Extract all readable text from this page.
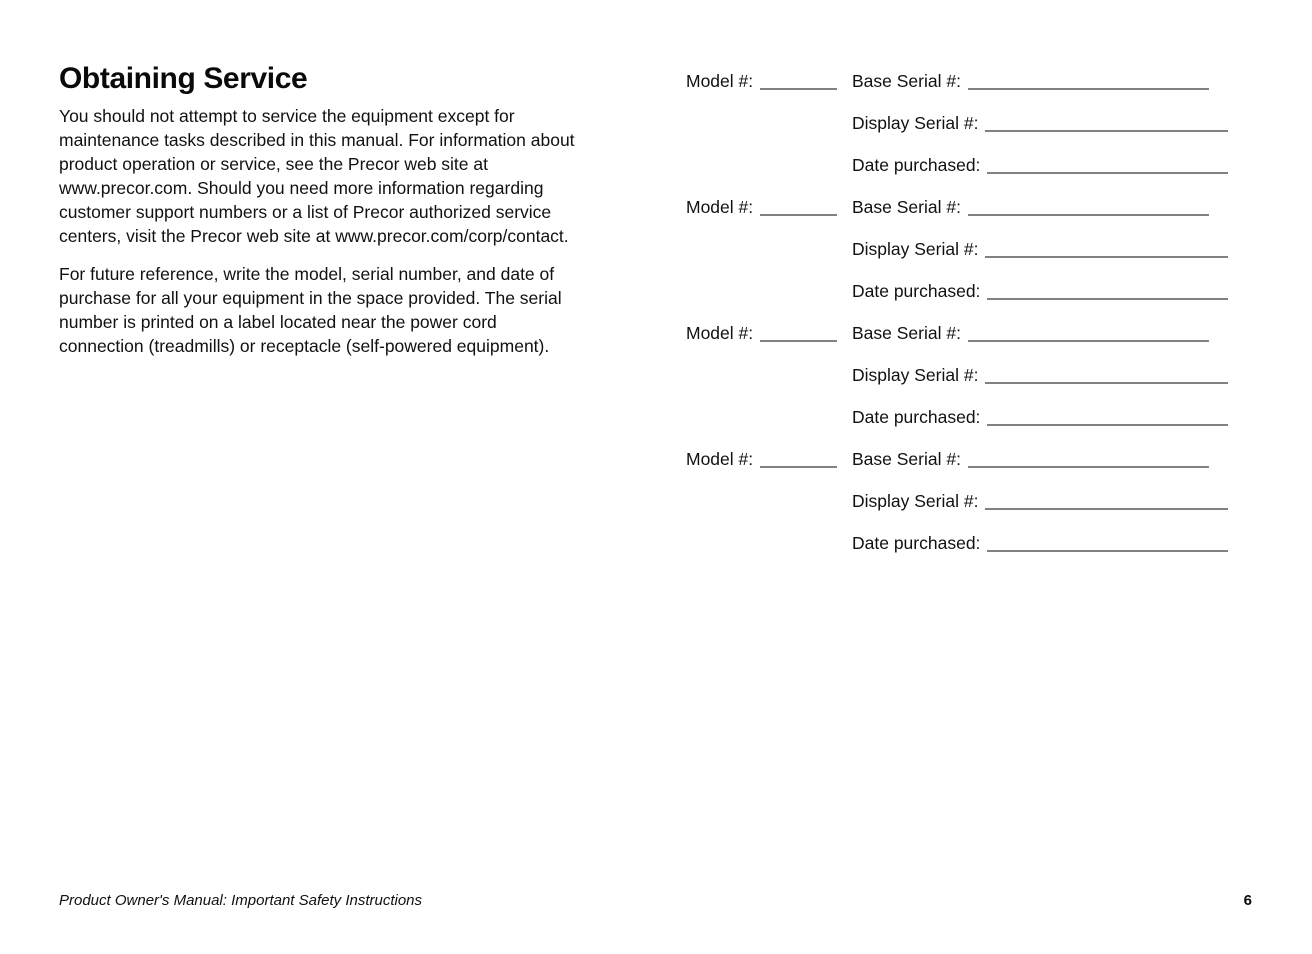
Obtaining Service
You should not attempt to service the equipment except for
maintenance tasks described in this manual. For information about
product operation or service, see the Precor web site at
www.precor.com. Should you need more information regarding
customer support numbers or a list of Precor authorized service
centers, visit the Precor web site at www.precor.com/corp/contact.
For future reference, write the model, serial number, and date of
purchase for all your equipment in the space provided. The serial
number is printed on a label located near the power cord
connection (treadmills) or receptacle (self-powered equipment).
Model #:	Base Serial #:
Display Serial #:
Date purchased:
Model #:	Base Serial #:
Display Serial #:
Date purchased:
Model #:	Base Serial #:
Display Serial #:
Date purchased:
Model #:	Base Serial #:
Display Serial #:
Date purchased:
Product Owner's Manual: Important Safety Instructions	6
